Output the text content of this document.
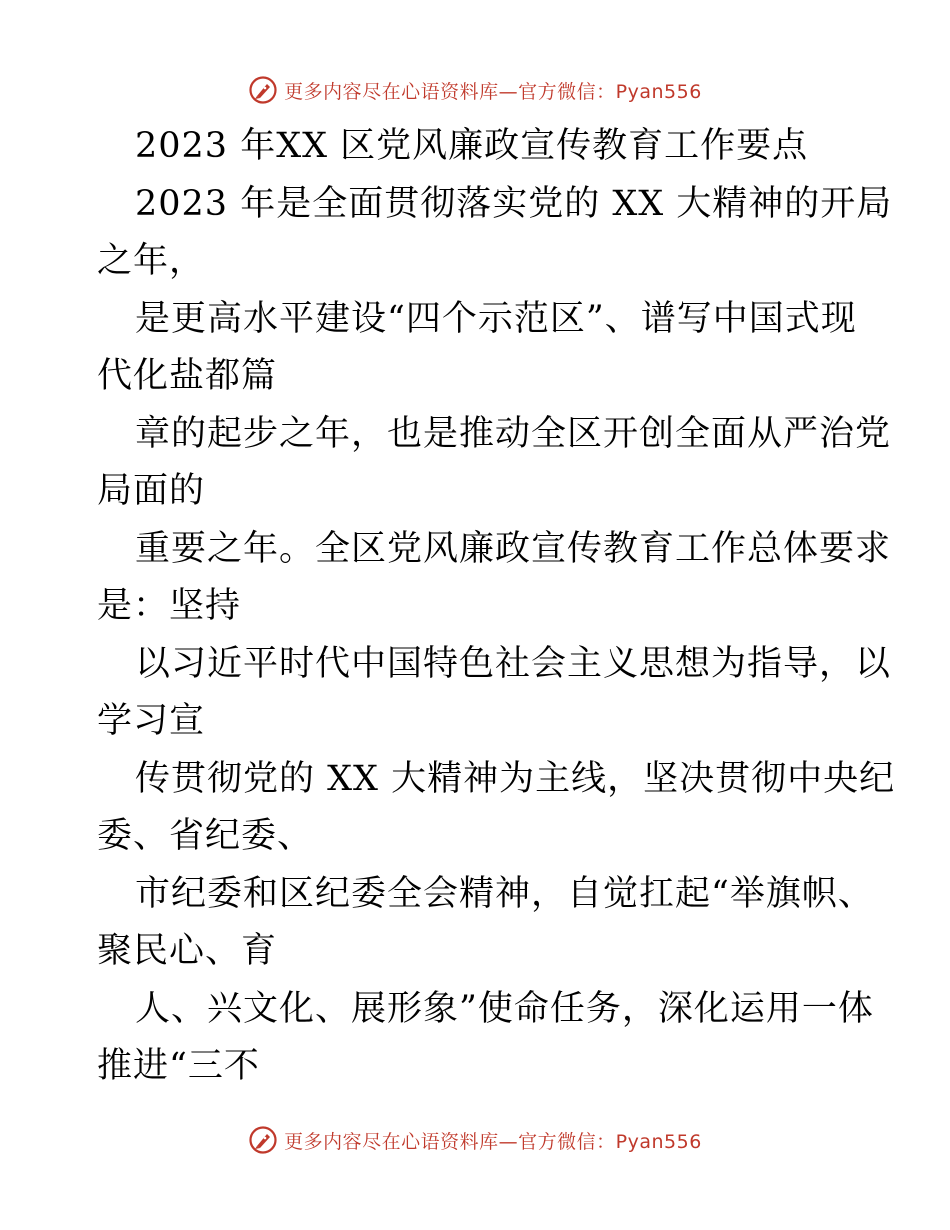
更多内容尽在心语资料库—官方微信：Pyan556
2023 年XX 区党风廉政宣传教育工作要点
2023 年是全面贯彻落实党的 XX 大精神的开局
之年，
是更高水平建设“四个示范区”、谱写中国式现
代化盐都篇
章的起步之年，也是推动全区开创全面从严治党
局面的
重要之年。全区党风廉政宣传教育工作总体要求
是：坚持
以习近平时代中国特色社会主义思想为指导，以
学习宣
传贯彻党的 XX 大精神为主线，坚决贯彻中央纪
委、省纪委、
市纪委和区纪委全会精神，自觉扛起“举旗帜、
聚民心、育
人、兴文化、展形象”使命任务，深化运用一体
推进“三不
更多内容尽在心语资料库—官方微信：Pyan556
